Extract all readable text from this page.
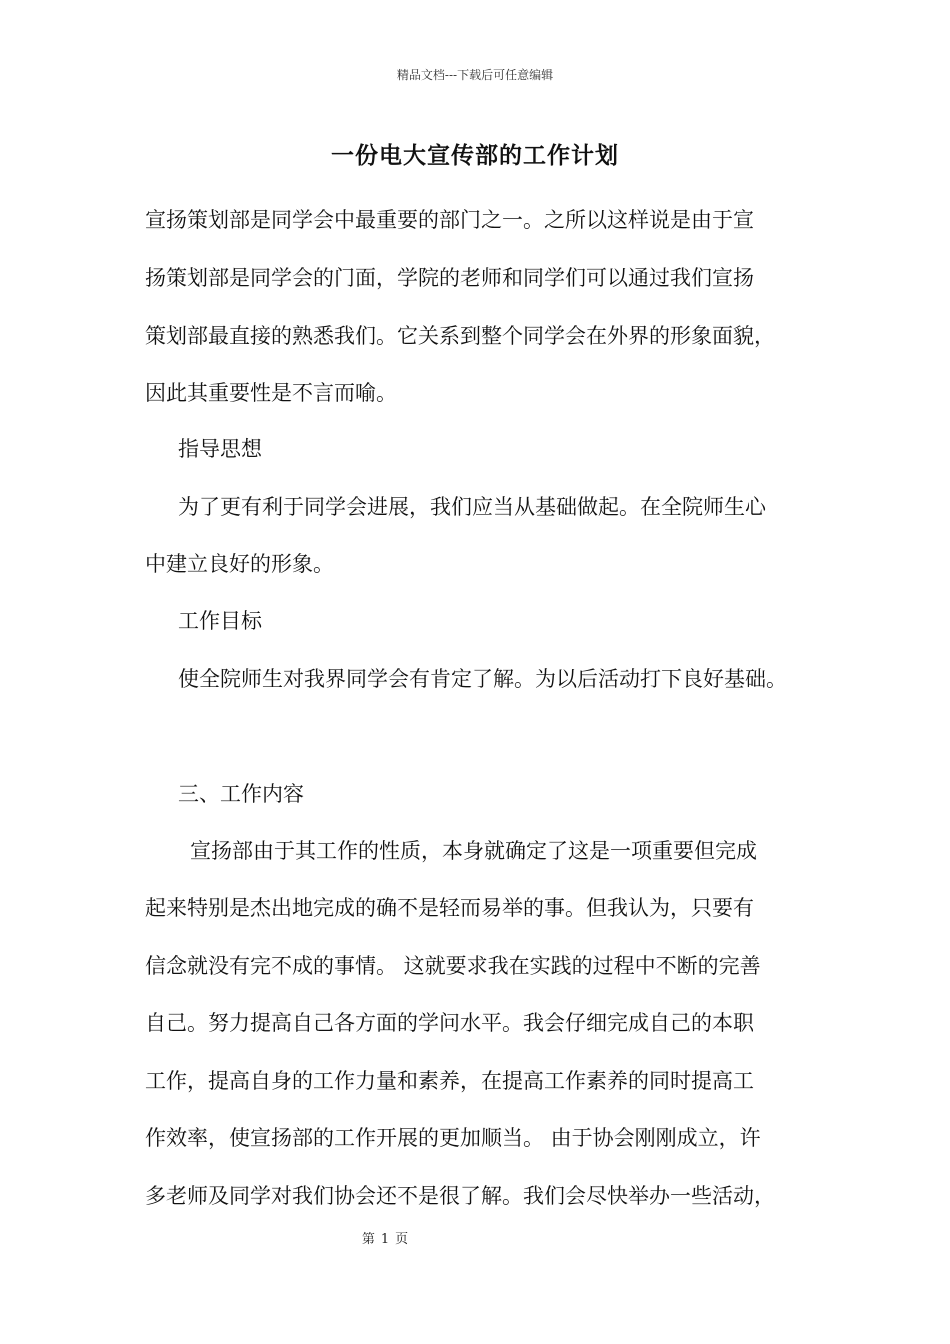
精品文档---下载后可任意编辑
一份电大宣传部的工作计划
宣扬策划部是同学会中最重要的部门之一。之所以这样说是由于宣
扬策划部是同学会的门面，学院的老师和同学们可以通过我们宣扬
策划部最直接的熟悉我们。它关系到整个同学会在外界的形象面貌，
因此其重要性是不言而喻。
指导思想
为了更有利于同学会进展，我们应当从基础做起。在全院师生心
中建立良好的形象。
工作目标
使全院师生对我界同学会有肯定了解。为以后活动打下良好基础。
三、工作内容
宣扬部由于其工作的性质，本身就确定了这是一项重要但完成
起来特别是杰出地完成的确不是轻而易举的事。但我认为，只要有
信念就没有完不成的事情。 这就要求我在实践的过程中不断的完善
自己。努力提高自己各方面的学问水平。我会仔细完成自己的本职
工作，提高自身的工作力量和素养，在提高工作素养的同时提高工
作效率，使宣扬部的工作开展的更加顺当。 由于协会刚刚成立，许
多老师及同学对我们协会还不是很了解。我们会尽快举办一些活动，
第 1 页
